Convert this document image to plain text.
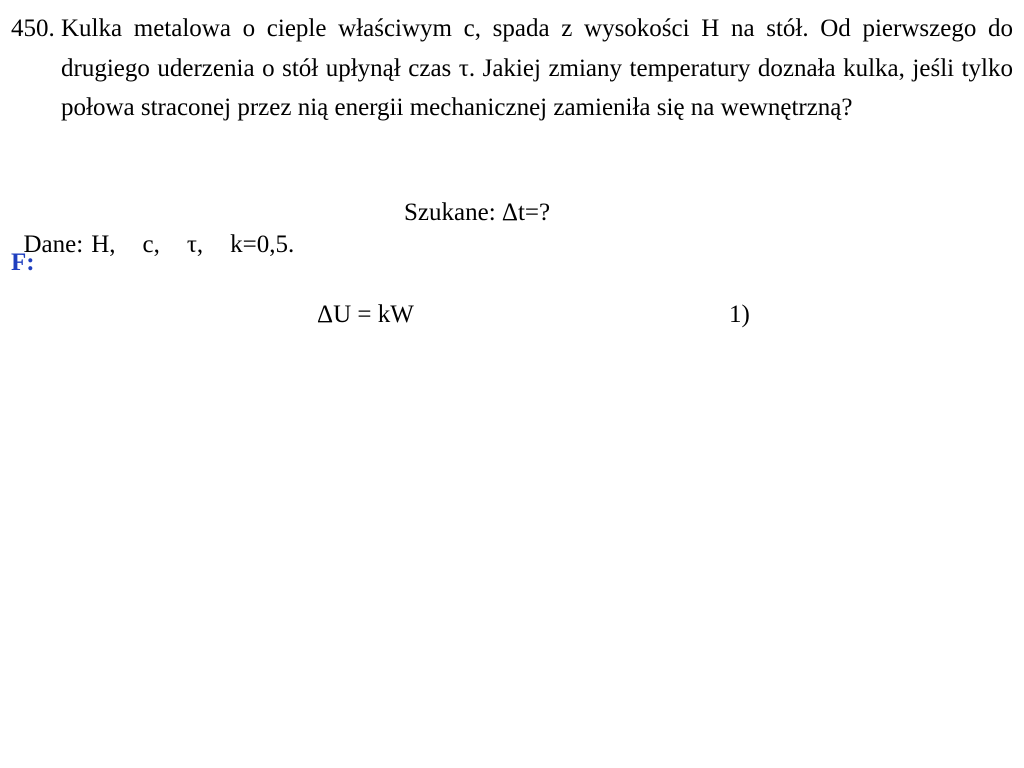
450. Kulka metalowa o cieple właściwym c, spada z wysokości H na stół. Od pierwszego do drugiego uderzenia o stół upłynął czas τ. Jakiej zmiany temperatury doznała kulka, jeśli tylko połowa straconej przez nią energii mechanicznej zamieniła się na wewnętrzną?

Dane: H, c, τ, k=0,5.

Szukane: Δt=?
F:
ΔU = kW	1)
